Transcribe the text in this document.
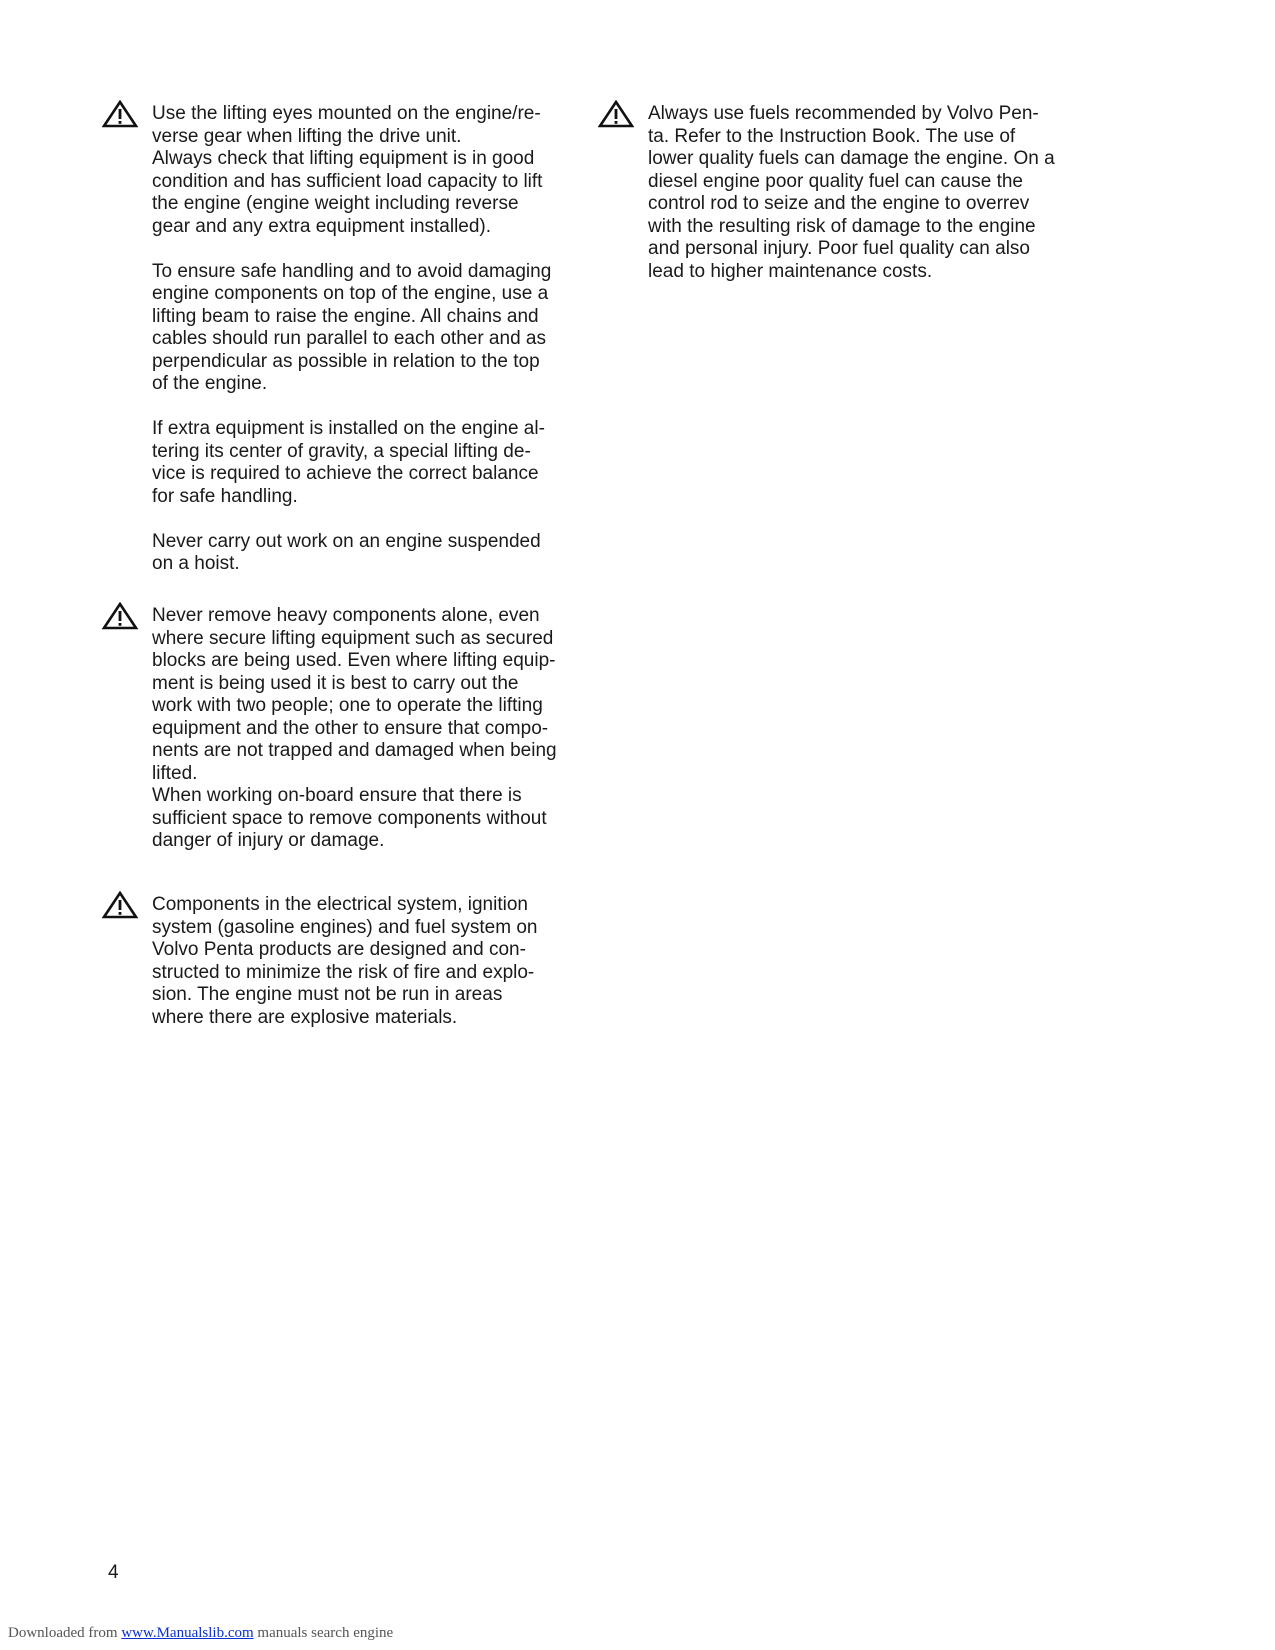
Use the lifting eyes mounted on the engine/re-
verse gear when lifting the drive unit.
Always check that lifting equipment is in good
condition and has sufficient load capacity to lift
the engine (engine weight including reverse
gear and any extra equipment installed).

To ensure safe handling and to avoid damaging
engine components on top of the engine, use a
lifting beam to raise the engine. All chains and
cables should run parallel to each other and as
perpendicular as possible in relation to the top
of the engine.

If extra equipment is installed on the engine al-
tering its center of gravity, a special lifting de-
vice is required to achieve the correct balance
for safe handling.

Never carry out work on an engine suspended
on a hoist.

Never remove heavy components alone, even
where secure lifting equipment such as secured
blocks are being used. Even where lifting equip-
ment is being used it is best to carry out the
work with two people; one to operate the lifting
equipment and the other to ensure that compo-
nents are not trapped and damaged when being
lifted.
When working on-board ensure that there is
sufficient space to remove components without
danger of injury or damage.

Components in the electrical system, ignition
system (gasoline engines) and fuel system on
Volvo Penta products are designed and con-
structed to minimize the risk of fire and explo-
sion. The engine must not be run in areas
where there are explosive materials.

Always use fuels recommended by Volvo Pen-
ta. Refer to the Instruction Book. The use of
lower quality fuels can damage the engine. On a
diesel engine poor quality fuel can cause the
control rod to seize and the engine to overrev
with the resulting risk of damage to the engine
and personal injury. Poor fuel quality can also
lead to higher maintenance costs.

4
Downloaded from www.Manualslib.com manuals search engine
